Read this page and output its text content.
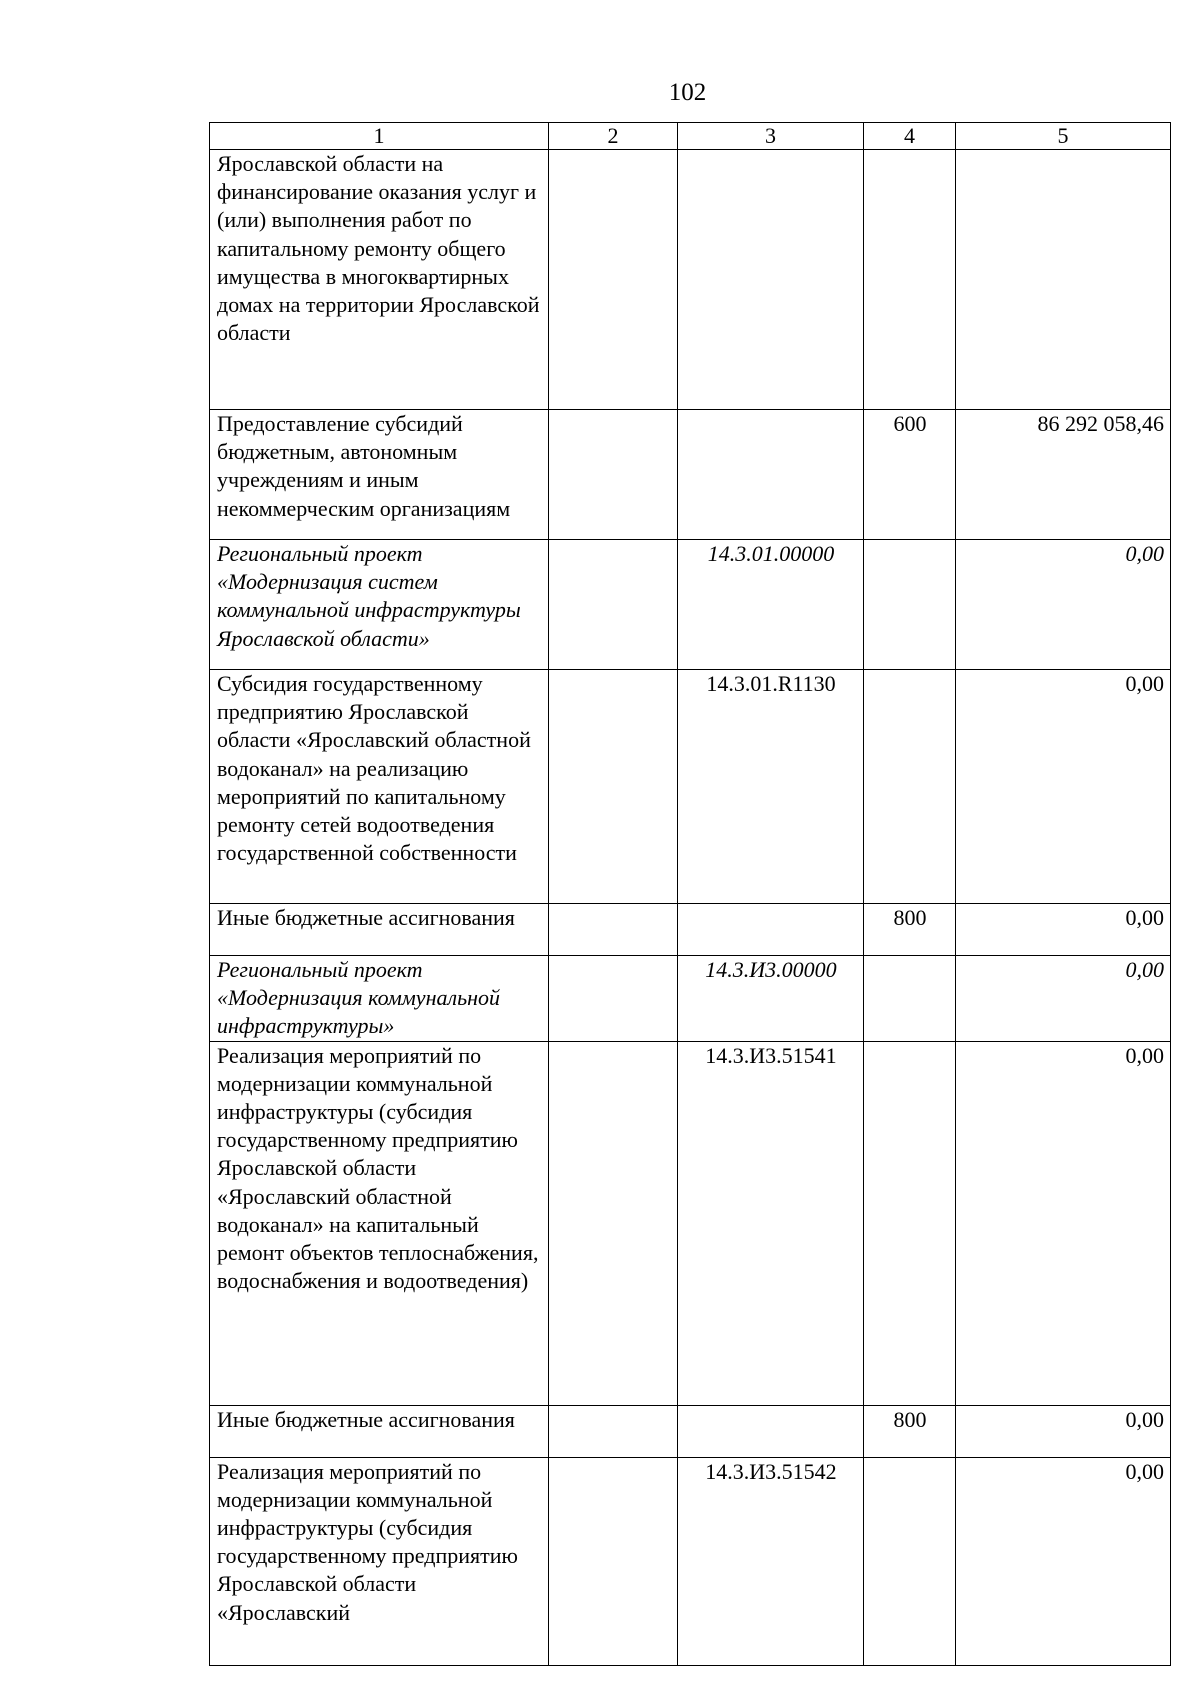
102
1	2	3	4	5
Ярославской области на финансирование оказания услуг и (или) выполнения работ по капитальному ремонту общего имущества в многоквартирных домах на территории Ярославской области				
Предоставление субсидий бюджетным, автономным учреждениям и иным некоммерческим организациям			600	86 292 058,46
Региональный проект «Модернизация систем коммунальной инфраструктуры Ярославской области»		14.3.01.00000		0,00
Субсидия государственному предприятию Ярославской области «Ярославский областной водоканал» на реализацию мероприятий по капитальному ремонту сетей водоотведения государственной собственности		14.3.01.R1130		0,00
Иные бюджетные ассигнования			800	0,00
Региональный проект «Модернизация коммунальной инфраструктуры»		14.3.И3.00000		0,00
Реализация мероприятий по модернизации коммунальной инфраструктуры (субсидия государственному предприятию Ярославской области «Ярославский областной водоканал» на капитальный ремонт объектов теплоснабжения, водоснабжения и водоотведения)		14.3.И3.51541		0,00
Иные бюджетные ассигнования			800	0,00
Реализация мероприятий по модернизации коммунальной инфраструктуры (субсидия государственному предприятию Ярославской области «Ярославский		14.3.И3.51542		0,00
